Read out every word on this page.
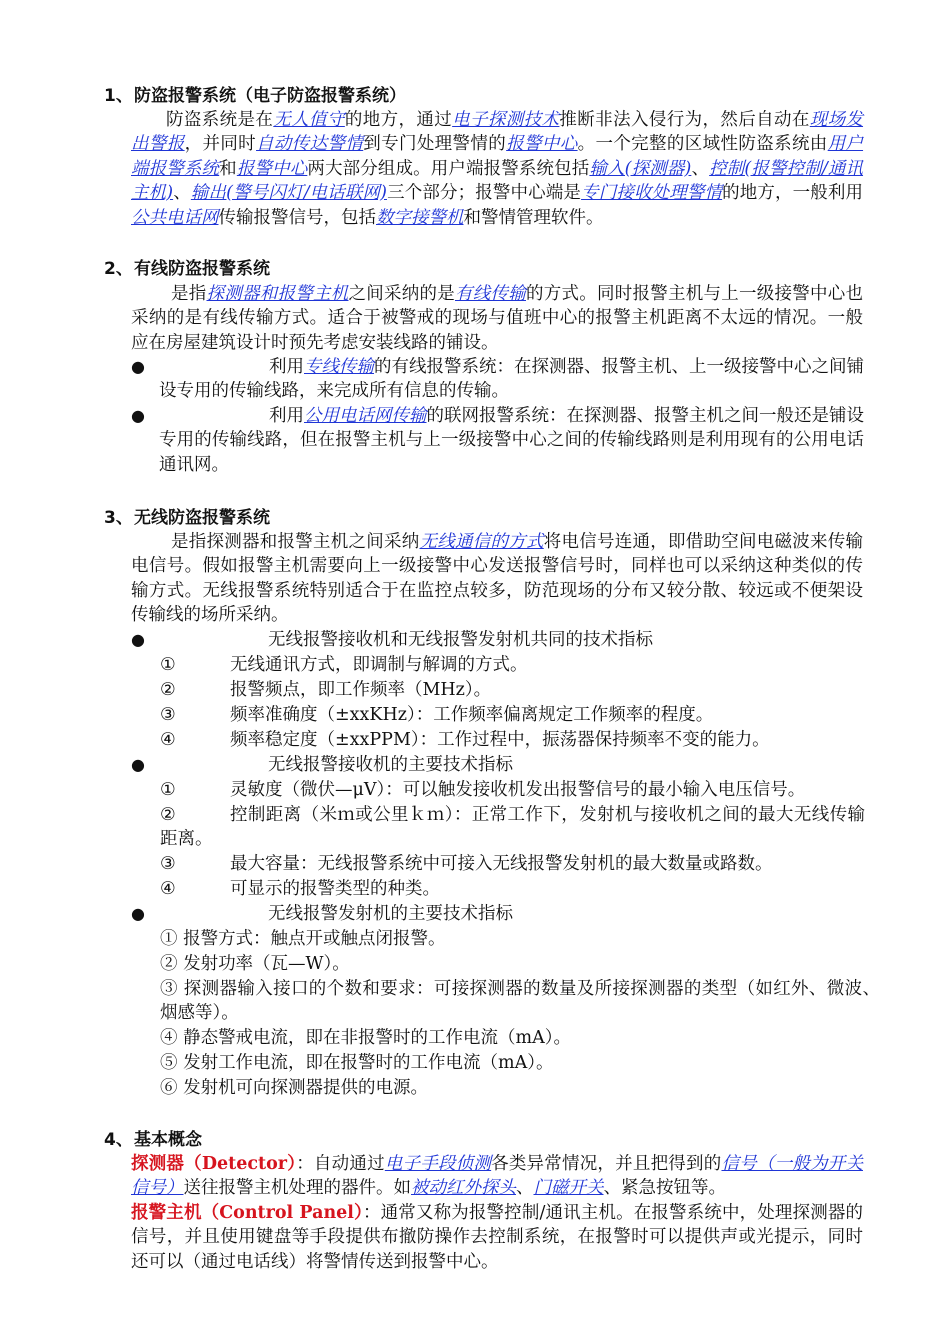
1、防盗报警系统（电子防盗报警系统）
防盗系统是在无人值守的地方，通过电子探测技术推断非法入侵行为，然后自动在现场发出警报，并同时自动传达警情到专门处理警情的报警中心。一个完整的区域性防盗系统由用户端报警系统和报警中心两大部分组成。用户端报警系统包括输入(探测器)、控制(报警控制/通讯主机)、输出(警号闪灯/电话联网)三个部分；报警中心端是专门接收处理警情的地方，一般利用公共电话网传输报警信号，包括数字接警机和警情管理软件。
2、有线防盗报警系统
是指探测器和报警主机之间采纳的是有线传输的方式。同时报警主机与上一级接警中心也采纳的是有线传输方式。适合于被警戒的现场与值班中心的报警主机距离不太远的情况。一般应在房屋建筑设计时预先考虑安装线路的铺设。
●	利用专线传输的有线报警系统：在探测器、报警主机、上一级接警中心之间铺设专用的传输线路，来完成所有信息的传输。
●	利用公用电话网传输的联网报警系统：在探测器、报警主机之间一般还是铺设专用的传输线路，但在报警主机与上一级接警中心之间的传输线路则是利用现有的公用电话通讯网。
3、无线防盗报警系统
是指探测器和报警主机之间采纳无线通信的方式将电信号连通，即借助空间电磁波来传输电信号。假如报警主机需要向上一级接警中心发送报警信号时，同样也可以采纳这种类似的传输方式。无线报警系统特别适合于在监控点较多，防范现场的分布又较分散、较远或不便架设传输线的场所采纳。
●	无线报警接收机和无线报警发射机共同的技术指标
①	无线通讯方式，即调制与解调的方式。
②	报警频点，即工作频率（MHz）。
③	频率准确度（±xxKHz）：工作频率偏离规定工作频率的程度。
④	频率稳定度（±xxPPM）：工作过程中，振荡器保持频率不变的能力。
●	无线报警接收机的主要技术指标
①	灵敏度（微伏—μV）：可以触发接收机发出报警信号的最小输入电压信号。
②	控制距离（米ｍ或公里ｋｍ）：正常工作下，发射机与接收机之间的最大无线传输距离。
③	最大容量：无线报警系统中可接入无线报警发射机的最大数量或路数。
④	可显示的报警类型的种类。
●	无线报警发射机的主要技术指标
① 报警方式：触点开或触点闭报警。
② 发射功率（瓦—W）。
③ 探测器输入接口的个数和要求：可接探测器的数量及所接探测器的类型（如红外、微波、烟感等）。
④ 静态警戒电流，即在非报警时的工作电流（mA）。
⑤ 发射工作电流，即在报警时的工作电流（mA）。
⑥ 发射机可向探测器提供的电源。
4、基本概念
探测器（Detector）：自动通过电子手段侦测各类异常情况，并且把得到的信号（一般为开关信号）送往报警主机处理的器件。如被动红外探头、门磁开关、紧急按钮等。
报警主机（Control Panel）：通常又称为报警控制/通讯主机。在报警系统中，处理探测器的信号，并且使用键盘等手段提供布撤防操作去控制系统，在报警时可以提供声或光提示，同时还可以（通过电话线）将警情传送到报警中心。
